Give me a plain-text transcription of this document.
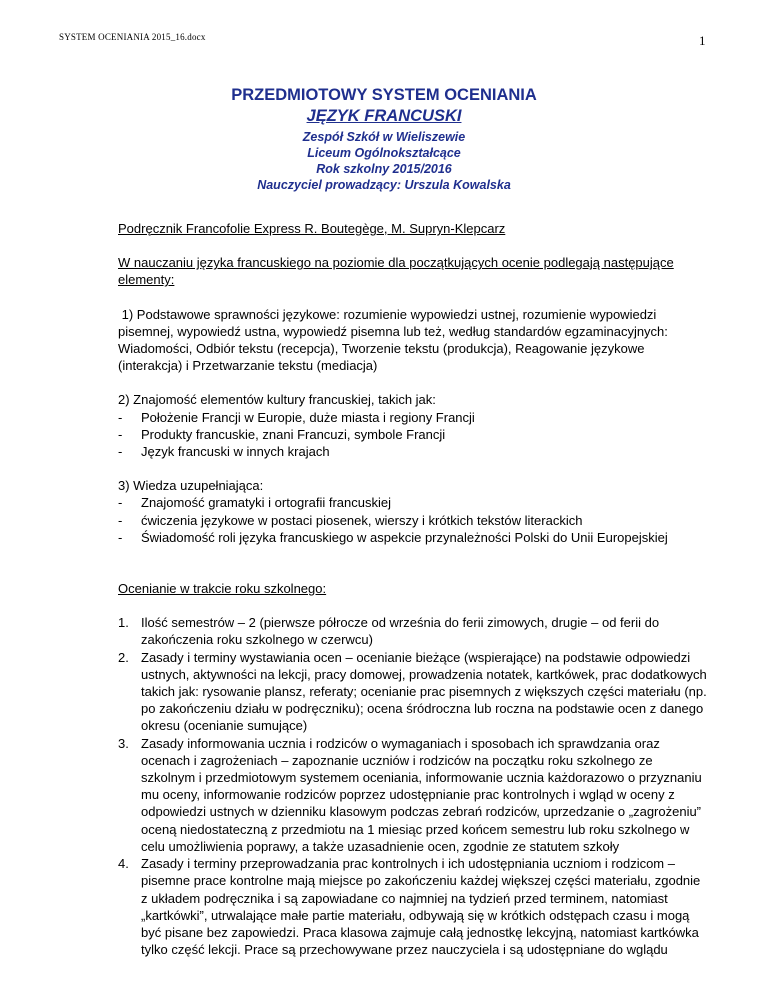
SYSTEM OCENIANIA 2015_16.docx	1
PRZEDMIOTOWY SYSTEM OCENIANIA
JĘZYK FRANCUSKI
Zespół Szkół w Wieliszewie
Liceum Ogólnokształcące
Rok szkolny 2015/2016
Nauczyciel prowadzący: Urszula Kowalska

Podręcznik Francofolie Express R. Boutegège, M. Supryn-Klepcarz

W nauczaniu języka francuskiego na poziomie dla początkujących ocenie podlegają następujące elementy:

1) Podstawowe sprawności językowe: rozumienie wypowiedzi ustnej, rozumienie wypowiedzi pisemnej, wypowiedź ustna, wypowiedź pisemna lub też, według standardów egzaminacyjnych: Wiadomości, Odbiór tekstu (recepcja), Tworzenie tekstu (produkcja), Reagowanie językowe (interakcja) i Przetwarzanie tekstu (mediacja)

2) Znajomość elementów kultury francuskiej, takich jak:

- Położenie Francji w Europie, duże miasta i regiony Francji
- Produkty francuskie, znani Francuzi, symbole Francji
- Język francuski w innych krajach

3) Wiedza uzupełniająca:

- Znajomość gramatyki i ortografii francuskiej
- ćwiczenia językowe w postaci piosenek, wierszy i krótkich tekstów literackich
- Świadomość roli języka francuskiego w aspekcie przynależności Polski do Unii Europejskiej

Ocenianie w trakcie roku szkolnego:

1. Ilość semestrów – 2 (pierwsze półrocze od września do ferii zimowych, drugie – od ferii do zakończenia roku szkolnego w czerwcu)
2. Zasady i terminy wystawiania ocen – ocenianie bieżące (wspierające) na podstawie odpowiedzi ustnych, aktywności na lekcji, pracy domowej, prowadzenia notatek, kartkówek, prac dodatkowych takich jak: rysowanie plansz, referaty; ocenianie prac pisemnych z większych części materiału (np. po zakończeniu działu w podręczniku); ocena śródroczna lub roczna na podstawie ocen z danego okresu (ocenianie sumujące)
3. Zasady informowania ucznia i rodziców o wymaganiach i sposobach ich sprawdzania oraz ocenach i zagrożeniach – zapoznanie uczniów i rodziców na początku roku szkolnego ze szkolnym i przedmiotowym systemem oceniania, informowanie ucznia każdorazowo o przyznaniu mu oceny, informowanie rodziców poprzez udostępnianie prac kontrolnych i wgląd w oceny z odpowiedzi ustnych w dzienniku klasowym podczas zebrań rodziców, uprzedzanie o „zagrożeniu” oceną niedostateczną z przedmiotu na 1 miesiąc przed końcem semestru lub roku szkolnego w celu umożliwienia poprawy, a także uzasadnienie ocen, zgodnie ze statutem szkoły
4. Zasady i terminy przeprowadzania prac kontrolnych i ich udostępniania uczniom i rodzicom – pisemne prace kontrolne mają miejsce po zakończeniu każdej większej części materiału, zgodnie z układem podręcznika i są zapowiadane co najmniej na tydzień przed terminem, natomiast „kartkówki”, utrwalające małe partie materiału, odbywają się w krótkich odstępach czasu i mogą być pisane bez zapowiedzi. Praca klasowa zajmuje całą jednostkę lekcyjną, natomiast kartkówka tylko część lekcji. Prace są przechowywane przez nauczyciela i są udostępniane do wglądu
